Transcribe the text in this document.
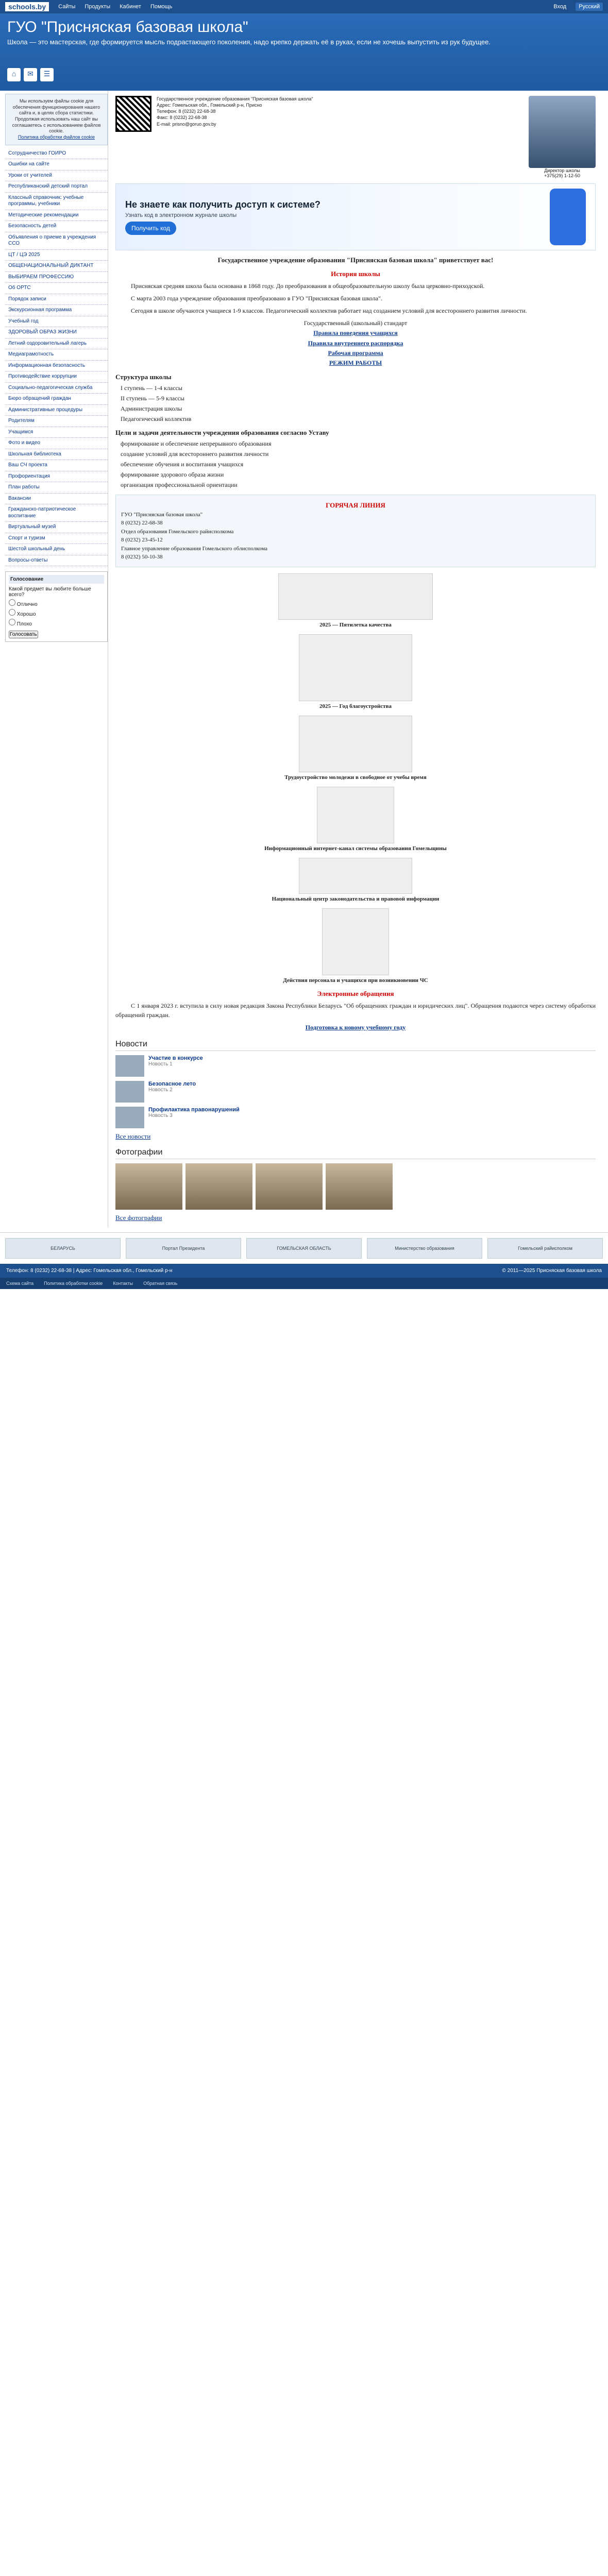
schools.by	Сайты Продукты Кабинет Помощь	Вход	Русский
ГУО "Присняская базовая школа"
Школа — это мастерская, где формируется мысль подрастающего поколения, надо крепко держать её в руках, если не хочешь выпустить из рук будущее.
⌂	✉	☰
Мы используем файлы cookie для обеспечения функционирования нашего сайта и, в целях сбора статистики. Продолжая использовать наш сайт вы соглашаетесь с использованием файлов cookie.
Политика обработки файлов cookie
Сотрудничество ГОИРО
Ошибки на сайте
Уроки от учителей
Республиканский детский портал
Классный справочник: учебные программы, учебники
Методические рекомендации
Безопасность детей
Объявления о приеме в учреждения ССО
ЦТ / ЦЭ 2025
ОБЩЕНАЦИОНАЛЬНЫЙ ДИКТАНТ
ВЫБИРАЕМ ПРОФЕССИЮ
Об ОРТС
Порядок записи
Экскурсионная программа
Учебный год
ЗДОРОВЫЙ ОБРАЗ ЖИЗНИ
Летний оздоровительный лагерь
Медиаграмотность
Информационная безопасность
Противодействие коррупции
Социально-педагогическая служба
Бюро обращений граждан
Административные процедуры
Родителям
Учащимся
Фото и видео
Школьная библиотека
Ваш СЧ проекта
Профориентация
План работы
Вакансии
Гражданско-патриотическое воспитание
Виртуальный музей
Спорт и туризм
Шестой школьный день
Вопросы-ответы
Голосование
Какой предмет вы любите больше всего?
Отлично
Хорошо
Плохо
Голосовать
Государственное учреждение образования "Присняская базовая школа"
Адрес: Гомельская обл., Гомельский р-н, Присно
Телефон: 8 (0232) 22-68-38
Факс: 8 (0232) 22-68-38
E-mail: prisno@goruo.gov.by
Директор школы
+375(29) 1-12-50
Не знаете как получить доступ к системе?
Узнать код в электронном журнале школы
Получить код
Государственное учреждение образования "Присняская базовая школа" приветствует вас!
История школы
Присняская средняя школа была основана в 1868 году. До преобразования в общеобразовательную школу была церковно-приходской.
С марта 2003 года учреждение образования преобразовано в ГУО "Присняская базовая школа".
Сегодня в школе обучаются учащиеся 1-9 классов. Педагогический коллектив работает над созданием условий для всестороннего развития личности.
Государственный (школьный) стандарт
Правила поведения учащихся
Правила внутреннего распорядка
Рабочая программа
РЕЖИМ РАБОТЫ
Структура школы
I ступень — 1-4 классы
II ступень — 5-9 классы
Администрация школы
Педагогический коллектив
Цели и задачи деятельности учреждения образования согласно Уставу
формирование и обеспечение непрерывного образования
создание условий для всестороннего развития личности
обеспечение обучения и воспитания учащихся
формирование здорового образа жизни
организация профессиональной ориентации
ГОРЯЧАЯ ЛИНИЯ
ГУО "Присняская базовая школа"
8 (0232) 22-68-38
Отдел образования Гомельского райисполкома
8 (0232) 23-45-12
Главное управление образования Гомельского облисполкома
8 (0232) 50-10-38
2025 — Пятилетка качества
2025 — Год благоустройства
Трудоустройство молодежи в свободное от учебы время
Информационный интернет-канал системы образования Гомельщины
Национальный центр законодательства и правовой информации
Действия персонала и учащихся при возникновении ЧС
Электронные обращения
С 1 января 2023 г. вступила в силу новая редакция Закона Республики Беларусь "Об обращениях граждан и юридических лиц". Обращения подаются через систему обработки обращений граждан.
Подготовка к новому учебному году
Новости
Участие в конкурсе
Новость 1
Безопасное лето
Новость 2
Профилактика правонарушений
Новость 3
Все новости
Фотографии
Все фотографии
БЕЛАРУСЬ	Портал Президента	ГОМЕЛЬСКАЯ ОБЛАСТЬ	Министерство образования	Гомельский райисполком
Телефон: 8 (0232) 22-68-38 | Адрес: Гомельская обл., Гомельский р-н	© 2011—2025 Присняская базовая школа
Схема сайта Политика обработки cookie Контакты Обратная связь
